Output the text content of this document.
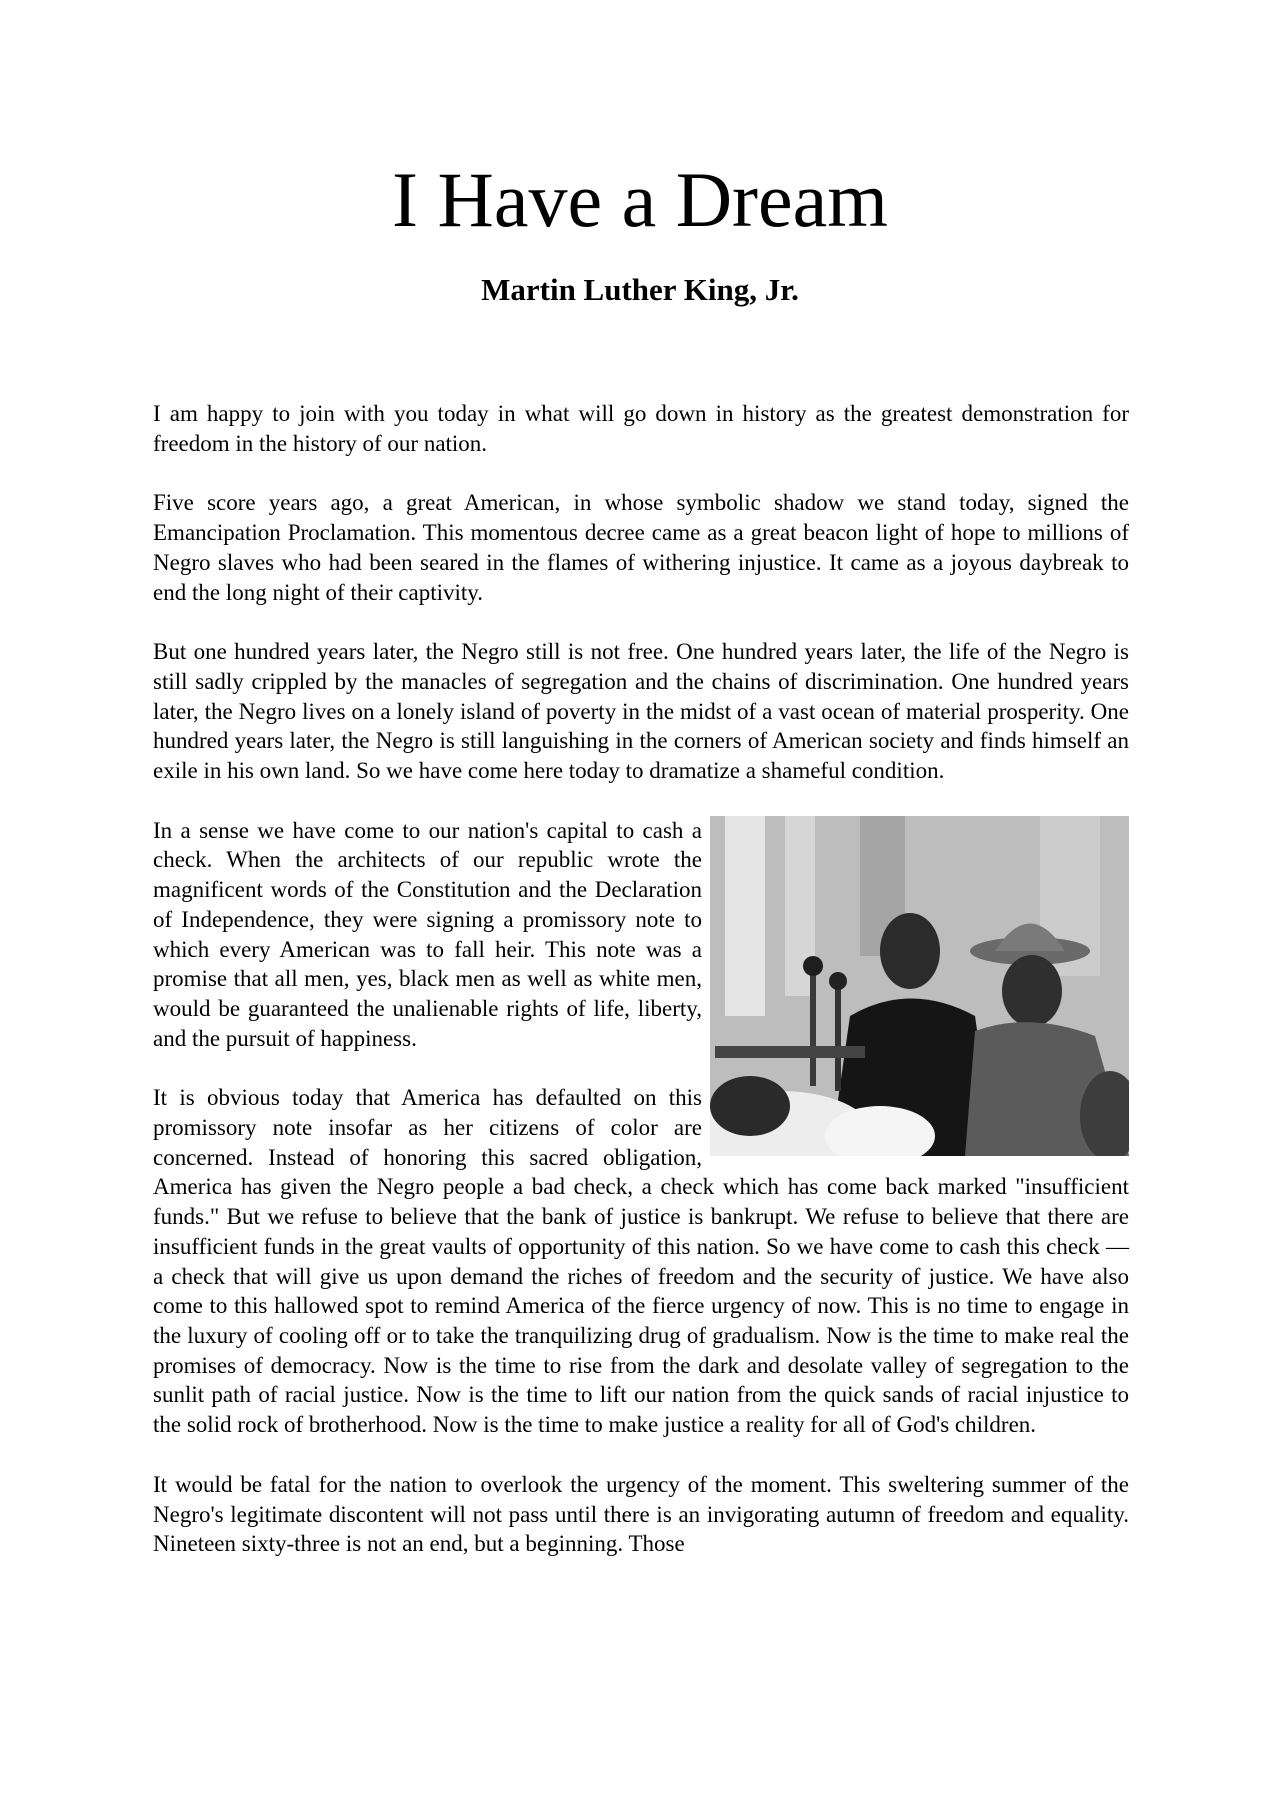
I Have a Dream
Martin Luther King, Jr.

I am happy to join with you today in what will go down in history as the greatest demonstration for freedom in the history of our nation.

Five score years ago, a great American, in whose symbolic shadow we stand today, signed the Emancipation Proclamation. This momentous decree came as a great beacon light of hope to millions of Negro slaves who had been seared in the flames of withering injustice. It came as a joyous daybreak to end the long night of their captivity.

But one hundred years later, the Negro still is not free. One hundred years later, the life of the Negro is still sadly crippled by the manacles of segregation and the chains of discrimination. One hundred years later, the Negro lives on a lonely island of poverty in the midst of a vast ocean of material prosperity. One hundred years later, the Negro is still languishing in the corners of American society and finds himself an exile in his own land. So we have come here today to dramatize a shameful condition.

In a sense we have come to our nation's capital to cash a check. When the architects of our republic wrote the magnificent words of the Constitution and the Declaration of Independence, they were signing a promissory note to which every American was to fall heir. This note was a promise that all men, yes, black men as well as white men, would be guaranteed the unalienable rights of life, liberty, and the pursuit of happiness.

It is obvious today that America has defaulted on this promissory note insofar as her citizens of color are concerned. Instead of honoring this sacred obligation, America has given the Negro people a bad check, a check which has come back marked "insufficient funds." But we refuse to believe that the bank of justice is bankrupt. We refuse to believe that there are insufficient funds in the great vaults of opportunity of this nation. So we have come to cash this check — a check that will give us upon demand the riches of freedom and the security of justice. We have also come to this hallowed spot to remind America of the fierce urgency of now. This is no time to engage in the luxury of cooling off or to take the tranquilizing drug of gradualism. Now is the time to make real the promises of democracy. Now is the time to rise from the dark and desolate valley of segregation to the sunlit path of racial justice. Now is the time to lift our nation from the quick sands of racial injustice to the solid rock of brotherhood. Now is the time to make justice a reality for all of God's children.

It would be fatal for the nation to overlook the urgency of the moment. This sweltering summer of the Negro's legitimate discontent will not pass until there is an invigorating autumn of freedom and equality. Nineteen sixty-three is not an end, but a beginning. Those
